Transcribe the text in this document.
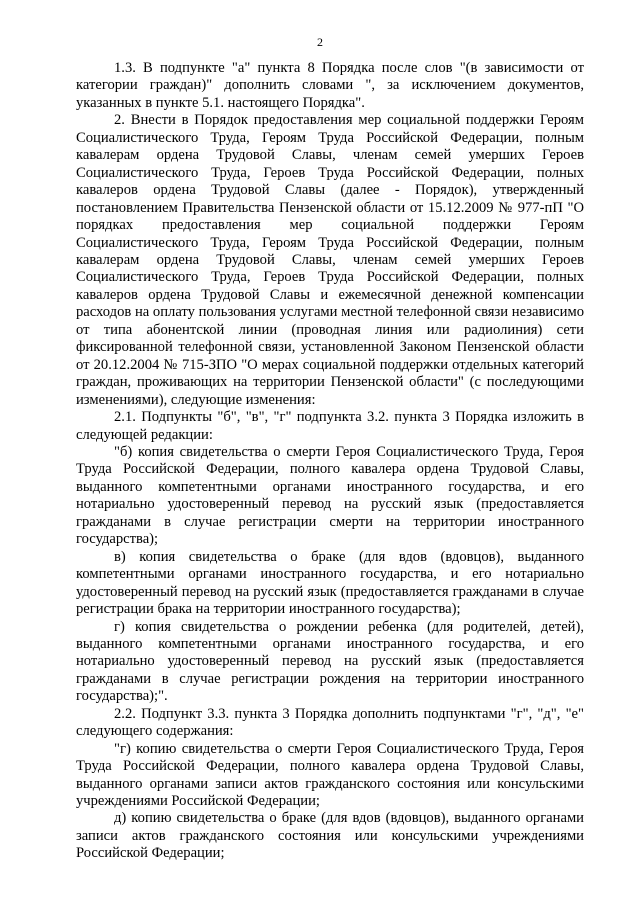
2

1.3. В подпункте "а" пункта 8 Порядка после слов "(в зависимости от категории граждан)" дополнить словами ", за исключением документов, указанных в пункте 5.1. настоящего Порядка".

2. Внести в Порядок предоставления мер социальной поддержки Героям Социалистического Труда, Героям Труда Российской Федерации, полным кавалерам ордена Трудовой Славы, членам семей умерших Героев Социалистического Труда, Героев Труда Российской Федерации, полных кавалеров ордена Трудовой Славы (далее - Порядок), утвержденный постановлением Правительства Пензенской области от 15.12.2009 № 977-пП "О порядках предоставления мер социальной поддержки Героям Социалистического Труда, Героям Труда Российской Федерации, полным кавалерам ордена Трудовой Славы, членам семей умерших Героев Социалистического Труда, Героев Труда Российской Федерации, полных кавалеров ордена Трудовой Славы и ежемесячной денежной компенсации расходов на оплату пользования услугами местной телефонной связи независимо от типа абонентской линии (проводная линия или радиолиния) сети фиксированной телефонной связи, установленной Законом Пензенской области от 20.12.2004 № 715-ЗПО "О мерах социальной поддержки отдельных категорий граждан, проживающих на территории Пензенской области" (с последующими изменениями), следующие изменения:

2.1. Подпункты "б", "в", "г" подпункта 3.2. пункта 3 Порядка изложить в следующей редакции:

"б) копия свидетельства о смерти Героя Социалистического Труда, Героя Труда Российской Федерации, полного кавалера ордена Трудовой Славы, выданного компетентными органами иностранного государства, и его нотариально удостоверенный перевод на русский язык (предоставляется гражданами в случае регистрации смерти на территории иностранного государства);

в) копия свидетельства о браке (для вдов (вдовцов), выданного компетентными органами иностранного государства, и его нотариально удостоверенный перевод на русский язык (предоставляется гражданами в случае регистрации брака на территории иностранного государства);

г) копия свидетельства о рождении ребенка (для родителей, детей), выданного компетентными органами иностранного государства, и его нотариально удостоверенный перевод на русский язык (предоставляется гражданами в случае регистрации рождения на территории иностранного государства);".

2.2. Подпункт 3.3. пункта 3 Порядка дополнить подпунктами "г", "д", "е" следующего содержания:

"г) копию свидетельства о смерти Героя Социалистического Труда, Героя Труда Российской Федерации, полного кавалера ордена Трудовой Славы, выданного органами записи актов гражданского состояния или консульскими учреждениями Российской Федерации;

д) копию свидетельства о браке (для вдов (вдовцов), выданного органами записи актов гражданского состояния или консульскими учреждениями Российской Федерации;
